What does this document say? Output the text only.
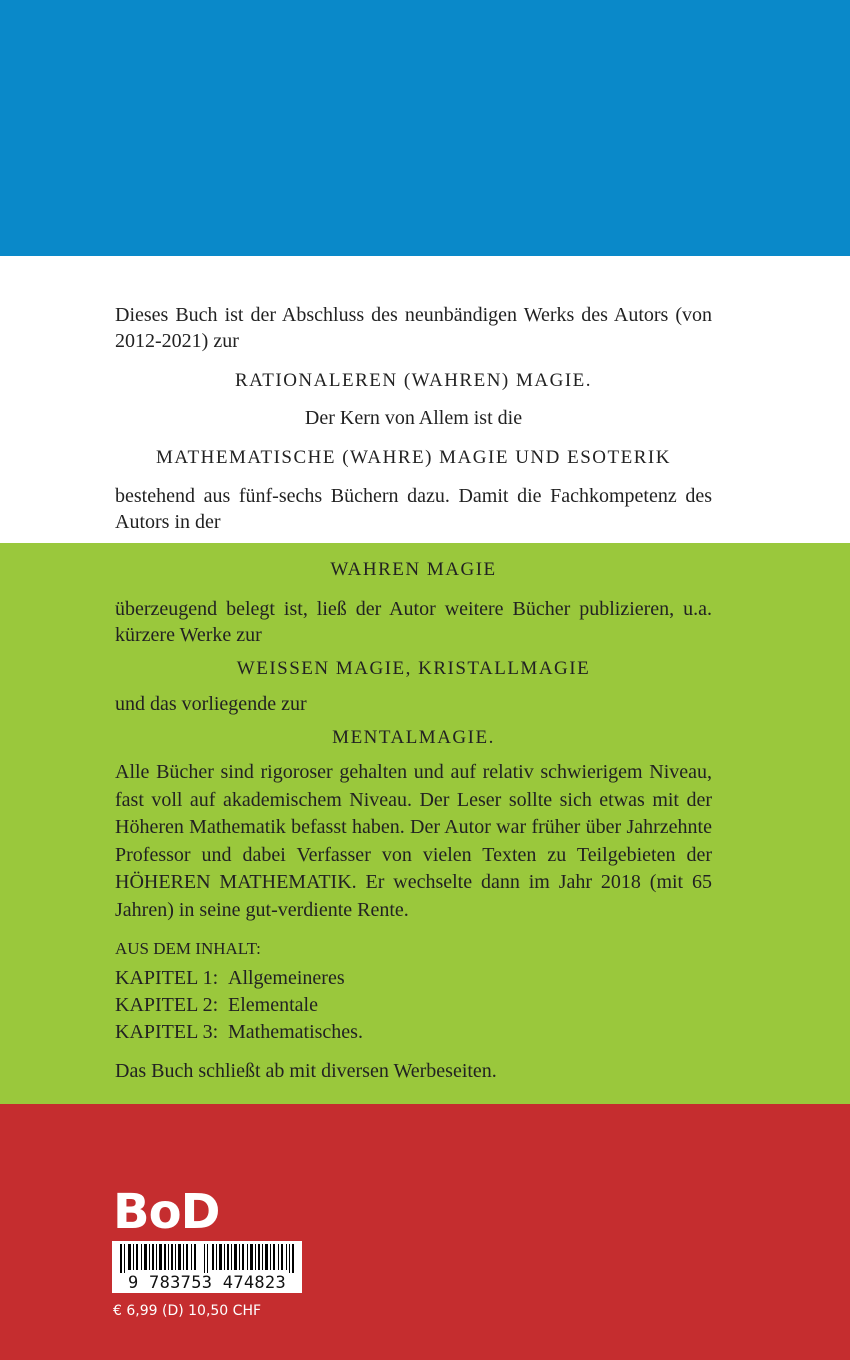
Dieses Buch ist der Abschluss des neunbändigen Werks des Autors (von 2012-2021) zur

RATIONALEREN (WAHREN) MAGIE.

Der Kern von Allem ist die

MATHEMATISCHE (WAHRE) MAGIE UND ESOTERIK

bestehend aus fünf-sechs Büchern dazu. Damit die Fachkompetenz des Autors in der

WAHREN MAGIE

überzeugend belegt ist, ließ der Autor weitere Bücher publizieren, u.a. kürzere Werke zur

WEISSEN MAGIE, KRISTALLMAGIE

und das vorliegende zur

MENTALMAGIE.

Alle Bücher sind rigoroser gehalten und auf relativ schwierigem Niveau, fast voll auf akademischem Niveau. Der Leser sollte sich etwas mit der Höheren Mathematik befasst haben. Der Autor war früher über Jahrzehnte Professor und dabei Verfasser von vielen Texten zu Teilgebieten der HÖHEREN MATHEMATIK. Er wechselte dann im Jahr 2018 (mit 65 Jahren) in seine gut-verdiente Rente.

AUS DEM INHALT:

KAPITEL 1: Allgemeineres
KAPITEL 2: Elementale
KAPITEL 3: Mathematisches.

Das Buch schließt ab mit diversen Werbeseiten.

BoD
9 783753 474823
€ 6,99 (D) 10,50 CHF
